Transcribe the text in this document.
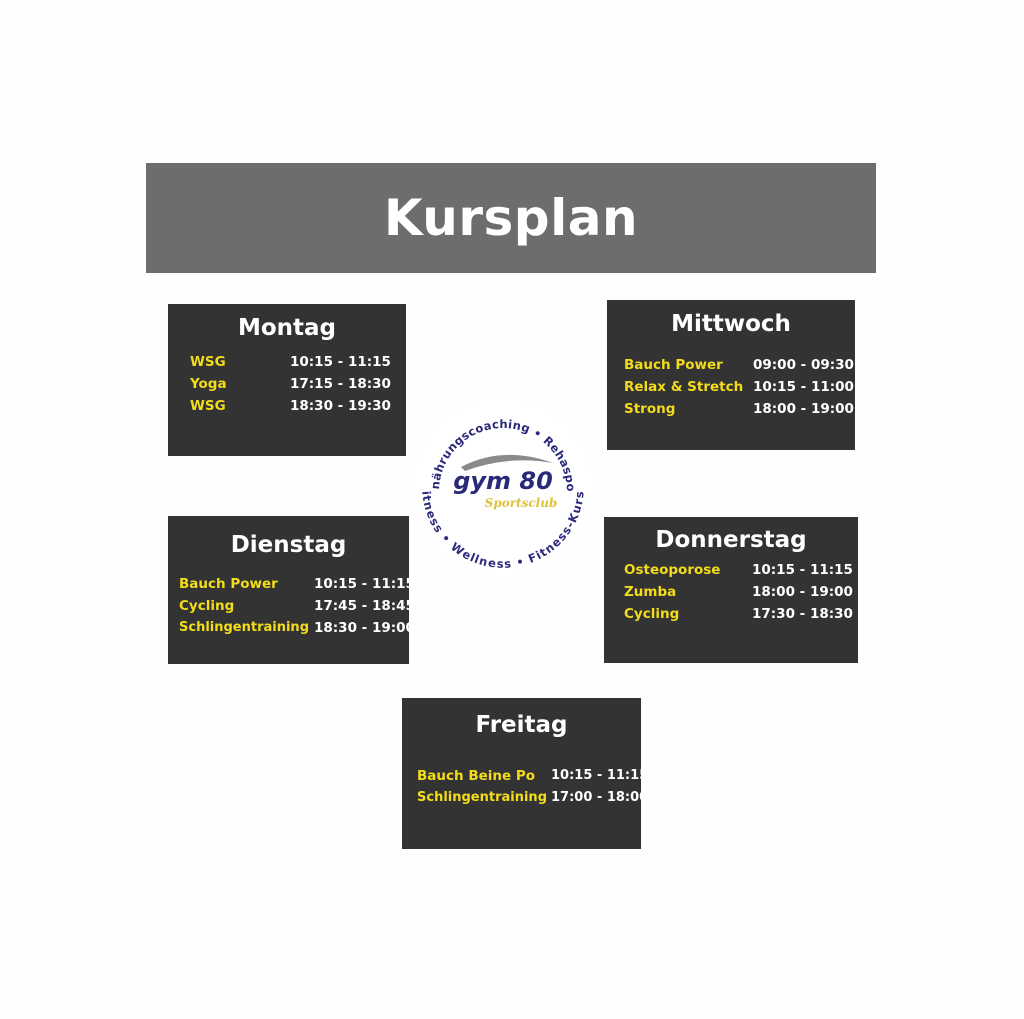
Kursplan
Montag
WSG	10:15 - 11:15
Yoga	17:15 - 18:30
WSG	18:30 - 19:30
Mittwoch
Bauch Power 09:00 - 09:30
Relax & Stretch 10:15 - 11:00
Strong	18:00 - 19:00
Dienstag
Bauch Power	10:15 - 11:15
Cycling	17:45 - 18:45
Schlingentraining 18:30 - 19:00
Donnerstag
Osteoporose 10:15 - 11:15
Zumba	18:00 - 19:00
Cycling	17:30 - 18:30
Freitag
Bauch Beine Po 10:15 - 11:15
Schlingentraining 17:00 - 18:00
nährungscoaching • Rehaspo
itness • Wellness • Fitness-Kurs
gym 80
Sportsclub
